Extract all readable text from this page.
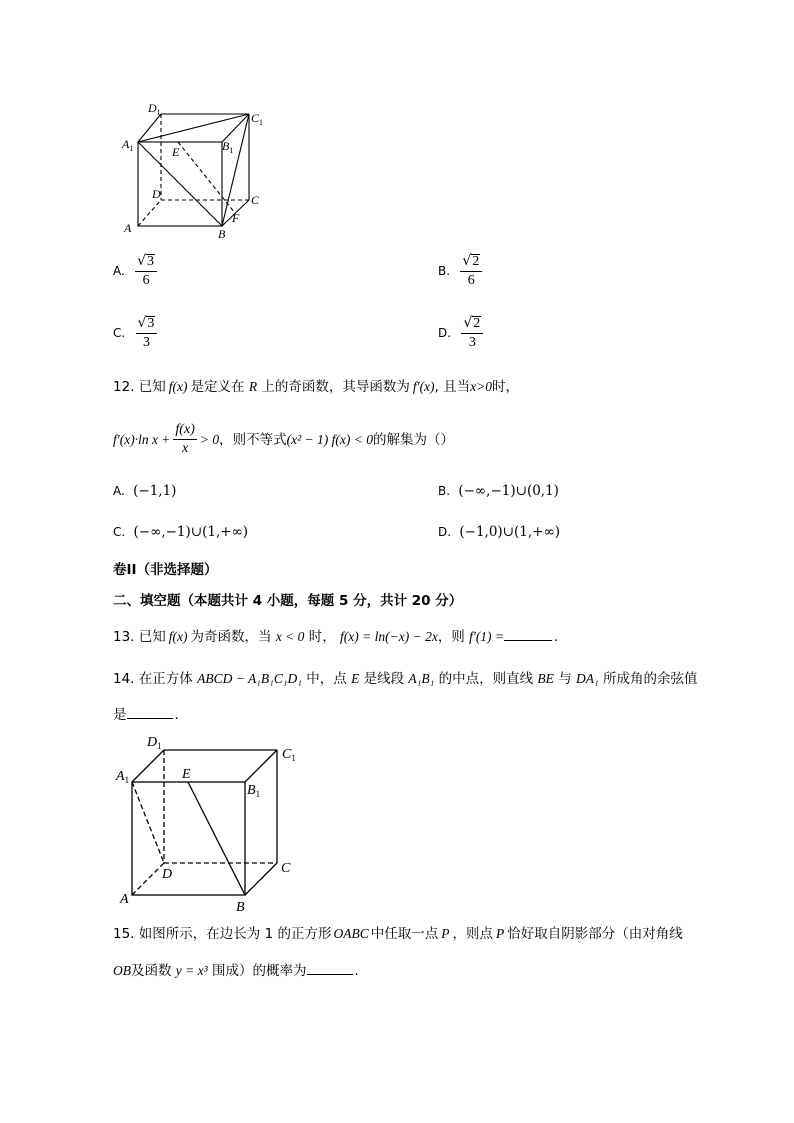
$D_1$	$C_1$
$A_1$	E	$B_1$
D	C
A	B
F
A. $\frac{√ 3}{6}$	B. $\frac{√ 2}{6}$
C. $\frac{√ 3}{3}$	D. $\frac{√ 2}{3}$
12. 已知 f(x) 是定义在 R 上的奇函数，其导函数为 f′(x), 且当x>0时，
f′(x)·ln $x + \frac{f(x)}{x} > 0$ ，则不等式 (x² − 1) f(x) < 0 的解集为（）
A. (−1,1)	B. (−∞,−1)∪(0,1)
C. (−∞,−1)∪(1,+∞)	D. (−1,0)∪(1,+∞)
卷II（非选择题）
二、填空题（本题共计 4 小题，每题 5 分，共计 20 分）
13. 已知 f(x) 为奇函数，当 x < 0 时， f(x) = ln(−x) − 2x，则 f′(1) =	.
14. 在正方体 ABCD − A₁B₁C₁D₁ 中，点 E 是线段 A₁B₁ 的中点，则直线 BE 与 DA₁ 所成角的余弦值
是	.
$D_1$
$C_1$
$A_1$	E
$B_1$
D	C
A
B
15. 如图所示，在边长为 1 的正方形 OABC 中任取一点 P ，则点 P 恰好取自阴影部分（由对角线
OB及函数 y = x³ 围成）的概率为	.
